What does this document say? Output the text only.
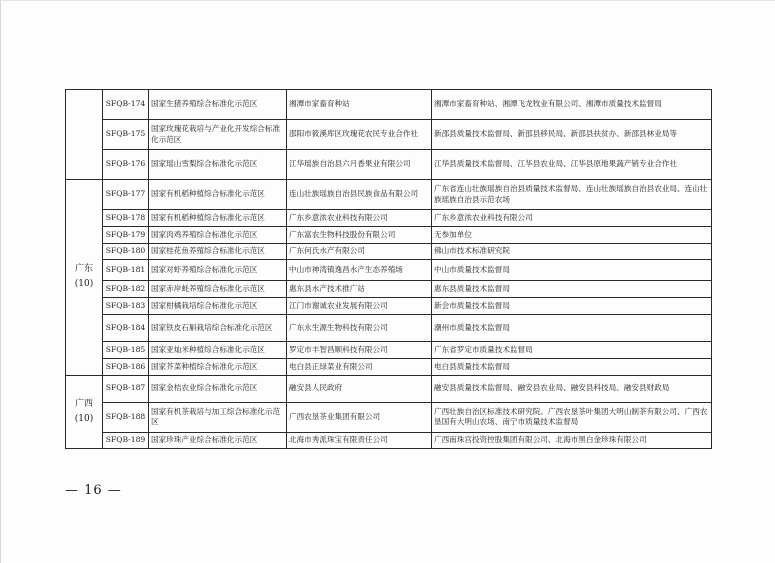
	SFQB-174	国家生猪养殖综合标准化示范区	湘潭市家畜育种站	湘潭市家畜育种站、湘潭飞龙牧业有限公司、湘潭市质量技术监督局
	SFQB-175	国家玫瑰花栽培与产业化开发综合标准化示范区	邵阳市筱溪库区玫瑰花农民专业合作社	新邵县质量技术监督局、新邵县移民局、新邵县扶贫办、新邵县林业局等
	SFQB-176	国家瑶山雪梨综合标准化示范区	江华瑶族自治县六月香果业有限公司	江华县质量技术监督局、江华县农业局、江华县原地果蔬产销专业合作社

广东
(10)	SFQB-177	国家有机稻种植综合标准化示范区	连山壮族瑶族自治县民族食品有限公司	广东省连山壮族瑶族自治县质量技术监督局、连山壮族瑶族自治县农业局、连山壮族瑶族自治县示范农场
	SFQB-178	国家有机稻种植综合标准化示范区	广东乡意浓农业科技有限公司	广东乡意浓农业科技有限公司
	SFQB-179	国家肉鸡养殖综合标准化示范区	广东富农生物科技股份有限公司	无参加单位
	SFQB-180	国家桂花鱼养殖综合标准化示范区	广东何氏水产有限公司	佛山市技术标准研究院
	SFQB-181	国家对虾养殖综合标准化示范区	中山市神湾镇逸昌水产生态养殖场	中山市质量技术监督局
	SFQB-182	国家赤岸蚝养殖综合标准化示范区	惠东县水产技术推广站	惠东县质量技术监督局
	SFQB-183	国家柑橘栽培综合标准化示范区	江门市谢诚农业发展有限公司	新会市质量技术监督局
	SFQB-184	国家铁皮石斛栽培综合标准化示范区	广东永生源生物科技有限公司	潮州市质量技术监督局
	SFQB-185	国家亚灿米种植综合标准化示范区	罗定市丰智昌顺科技有限公司	广东省罗定市质量技术监督局
	SFQB-186	国家芥菜种植综合标准化示范区	电白县正绿菜业有限公司	电白县质量技术监督局

广西
(10)	SFQB-187	国家金桔农业综合标准化示范区	融安县人民政府	融安县质量技术监督局、融安县农业局、融安县科技局、融安县财政局
	SFQB-188	国家有机茶栽培与加工综合标准化示范区	广西农垦茶业集团有限公司	广西壮族自治区标准技术研究院、广西农垦茶叶集团大明山制茶有限公司、广西农垦国有大明山农场、南宁市质量技术监督局
	SFQB-189	国家珍珠产业综合标准化示范区	北海市秀派珠宝有限责任公司	广西南珠宫投资控股集团有限公司、北海市黑白金珍珠有限公司
— 16 —
